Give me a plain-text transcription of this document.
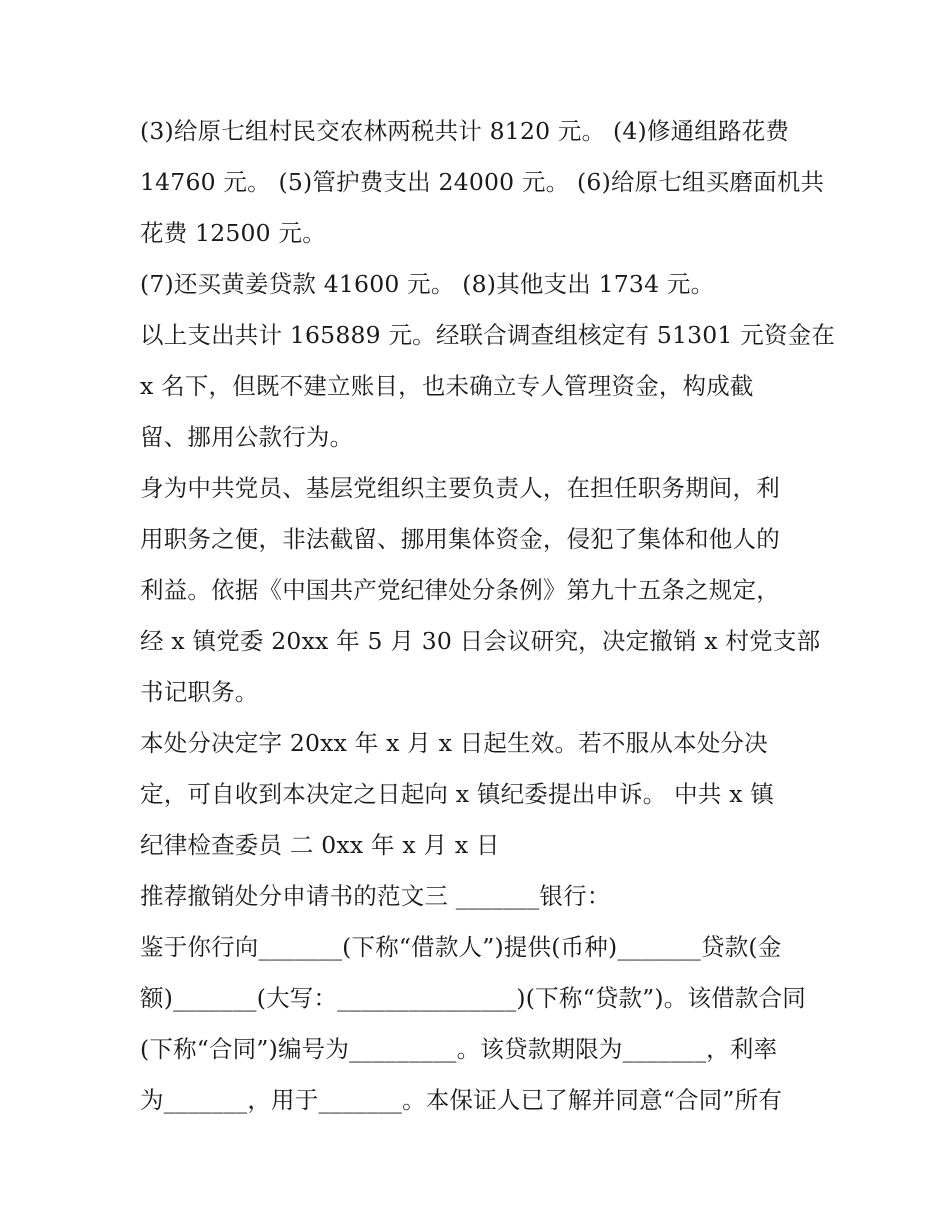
(3)给原七组村民交农林两税共计 8120 元。 (4)修通组路花费
14760 元。 (5)管护费支出 24000 元。 (6)给原七组买磨面机共
花费 12500 元。
(7)还买黄姜贷款 41600 元。 (8)其他支出 1734 元。
以上支出共计 165889 元。经联合调查组核定有 51301 元资金在
x 名下，但既不建立账目，也未确立专人管理资金，构成截
留、挪用公款行为。
身为中共党员、基层党组织主要负责人，在担任职务期间，利
用职务之便，非法截留、挪用集体资金，侵犯了集体和他人的
利益。依据《中国共产党纪律处分条例》第九十五条之规定，
经 x 镇党委 20xx 年 5 月 30 日会议研究，决定撤销 x 村党支部
书记职务。
本处分决定字 20xx 年 x 月 x 日起生效。若不服从本处分决
定，可自收到本决定之日起向 x 镇纪委提出申诉。 中共 x 镇
纪律检查委员 二 0xx 年 x 月 x 日
推荐撤销处分申请书的范文三 _______银行：
鉴于你行向_______(下称“借款人”)提供(币种)_______贷款(金
额)_______(大写：_______________)(下称“贷款”)。该借款合同
(下称“合同”)编号为_________。该贷款期限为_______，利率
为_______，用于_______。本保证人已了解并同意“合同”所有
